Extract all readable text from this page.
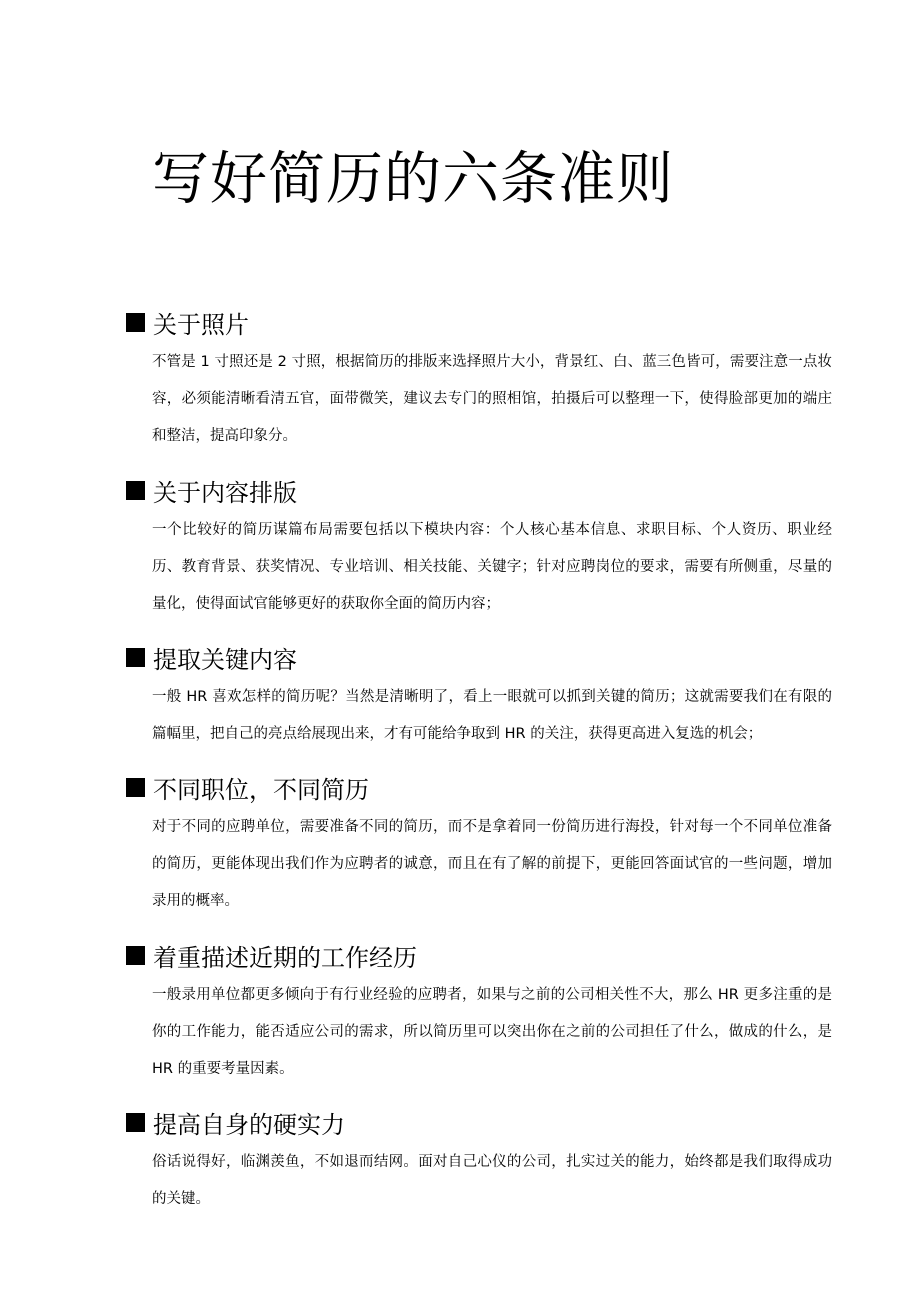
写好简历的六条准则
关于照片

不管是 1 寸照还是 2 寸照，根据简历的排版来选择照片大小，背景红、白、蓝三色皆可，需要注意一点妆容，必须能清晰看清五官，面带微笑，建议去专门的照相馆，拍摄后可以整理一下，使得脸部更加的端庄和整洁，提高印象分。

关于内容排版

一个比较好的简历谋篇布局需要包括以下模块内容：个人核心基本信息、求职目标、个人资历、职业经历、教育背景、获奖情况、专业培训、相关技能、关键字；针对应聘岗位的要求，需要有所侧重，尽量的量化，使得面试官能够更好的获取你全面的简历内容；

提取关键内容

一般 HR 喜欢怎样的简历呢？当然是清晰明了，看上一眼就可以抓到关键的简历；这就需要我们在有限的篇幅里，把自己的亮点给展现出来，才有可能给争取到 HR 的关注，获得更高进入复选的机会；

不同职位，不同简历

对于不同的应聘单位，需要准备不同的简历，而不是拿着同一份简历进行海投，针对每一个不同单位准备的简历，更能体现出我们作为应聘者的诚意，而且在有了解的前提下，更能回答面试官的一些问题，增加录用的概率。

着重描述近期的工作经历

一般录用单位都更多倾向于有行业经验的应聘者，如果与之前的公司相关性不大，那么 HR 更多注重的是你的工作能力，能否适应公司的需求，所以简历里可以突出你在之前的公司担任了什么，做成的什么，是 HR 的重要考量因素。

提高自身的硬实力

俗话说得好，临渊羡鱼，不如退而结网。面对自己心仪的公司，扎实过关的能力，始终都是我们取得成功的关键。
